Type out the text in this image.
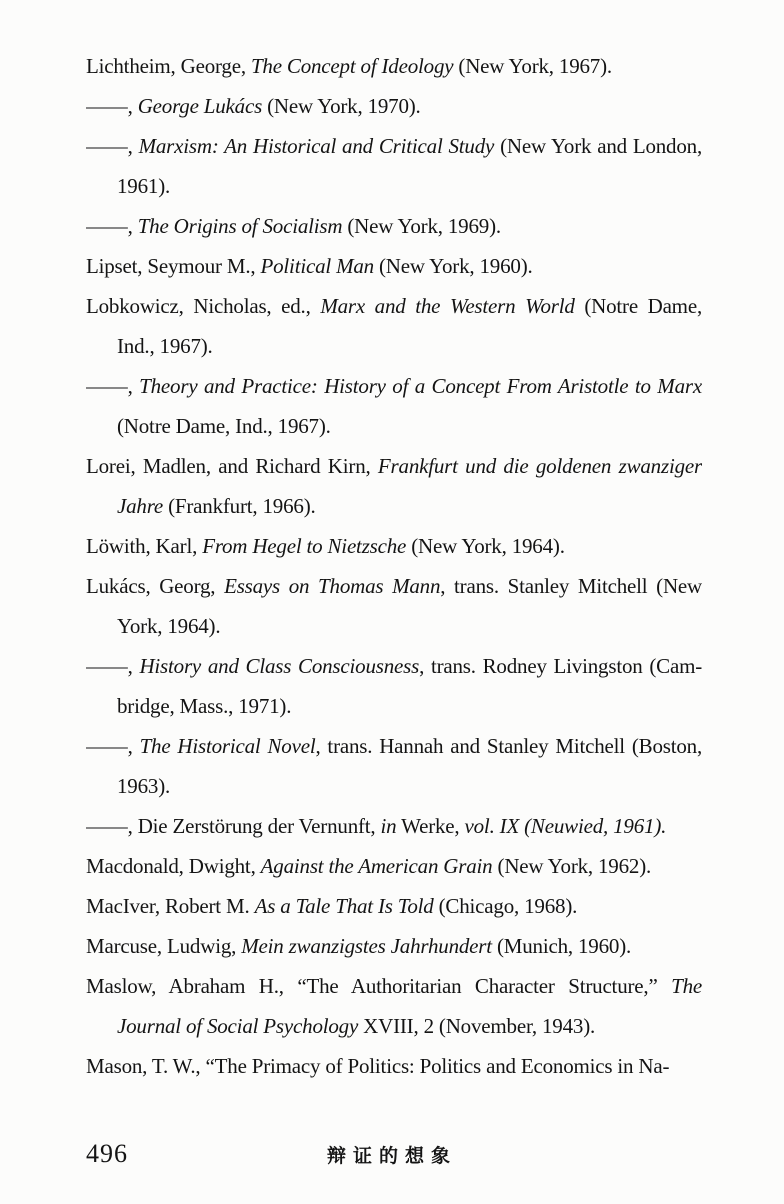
Lichtheim, George, The Concept of Ideology (New York, 1967).
——, George Lukács (New York, 1970).
——, Marxism: An Historical and Critical Study (New York and London,
1961).
——, The Origins of Socialism (New York, 1969).
Lipset, Seymour M., Political Man (New York, 1960).
Lobkowicz, Nicholas, ed., Marx and the Western World (Notre Dame,
Ind., 1967).
——, Theory and Practice: History of a Concept From Aristotle to Marx
(Notre Dame, Ind., 1967).
Lorei, Madlen, and Richard Kirn, Frankfurt und die goldenen zwanziger
Jahre (Frankfurt, 1966).
Löwith, Karl, From Hegel to Nietzsche (New York, 1964).
Lukács, Georg, Essays on Thomas Mann, trans. Stanley Mitchell (New
York, 1964).
——, History and Class Consciousness, trans. Rodney Livingston (Cam-
bridge, Mass., 1971).
——, The Historical Novel, trans. Hannah and Stanley Mitchell (Boston,
1963).
——, Die Zerstörung der Vernunft, in Werke, vol. IX (Neuwied, 1961).
Macdonald, Dwight, Against the American Grain (New York, 1962).
MacIver, Robert M. As a Tale That Is Told (Chicago, 1968).
Marcuse, Ludwig, Mein zwanzigstes Jahrhundert (Munich, 1960).
Maslow, Abraham H., “The Authoritarian Character Structure,” The
Journal of Social Psychology XVIII, 2 (November, 1943).
Mason, T. W., “The Primacy of Politics: Politics and Economics in Na-
496	辩证的想象
